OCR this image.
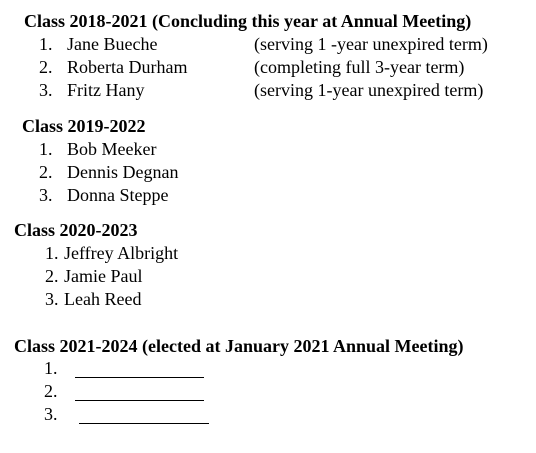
Class 2018-2021 (Concluding this year at Annual Meeting)
1. Jane Bueche	(serving 1 -year unexpired term)
2. Roberta Durham	(completing full 3-year term)
3. Fritz Hany	(serving 1-year unexpired term)
Class 2019-2022
1. Bob Meeker
2. Dennis Degnan
3. Donna Steppe
Class 2020-2023
1. Jeffrey Albright
2. Jamie Paul
3. Leah Reed
Class 2021-2024 (elected at January 2021 Annual Meeting)
1.
2.
3.
